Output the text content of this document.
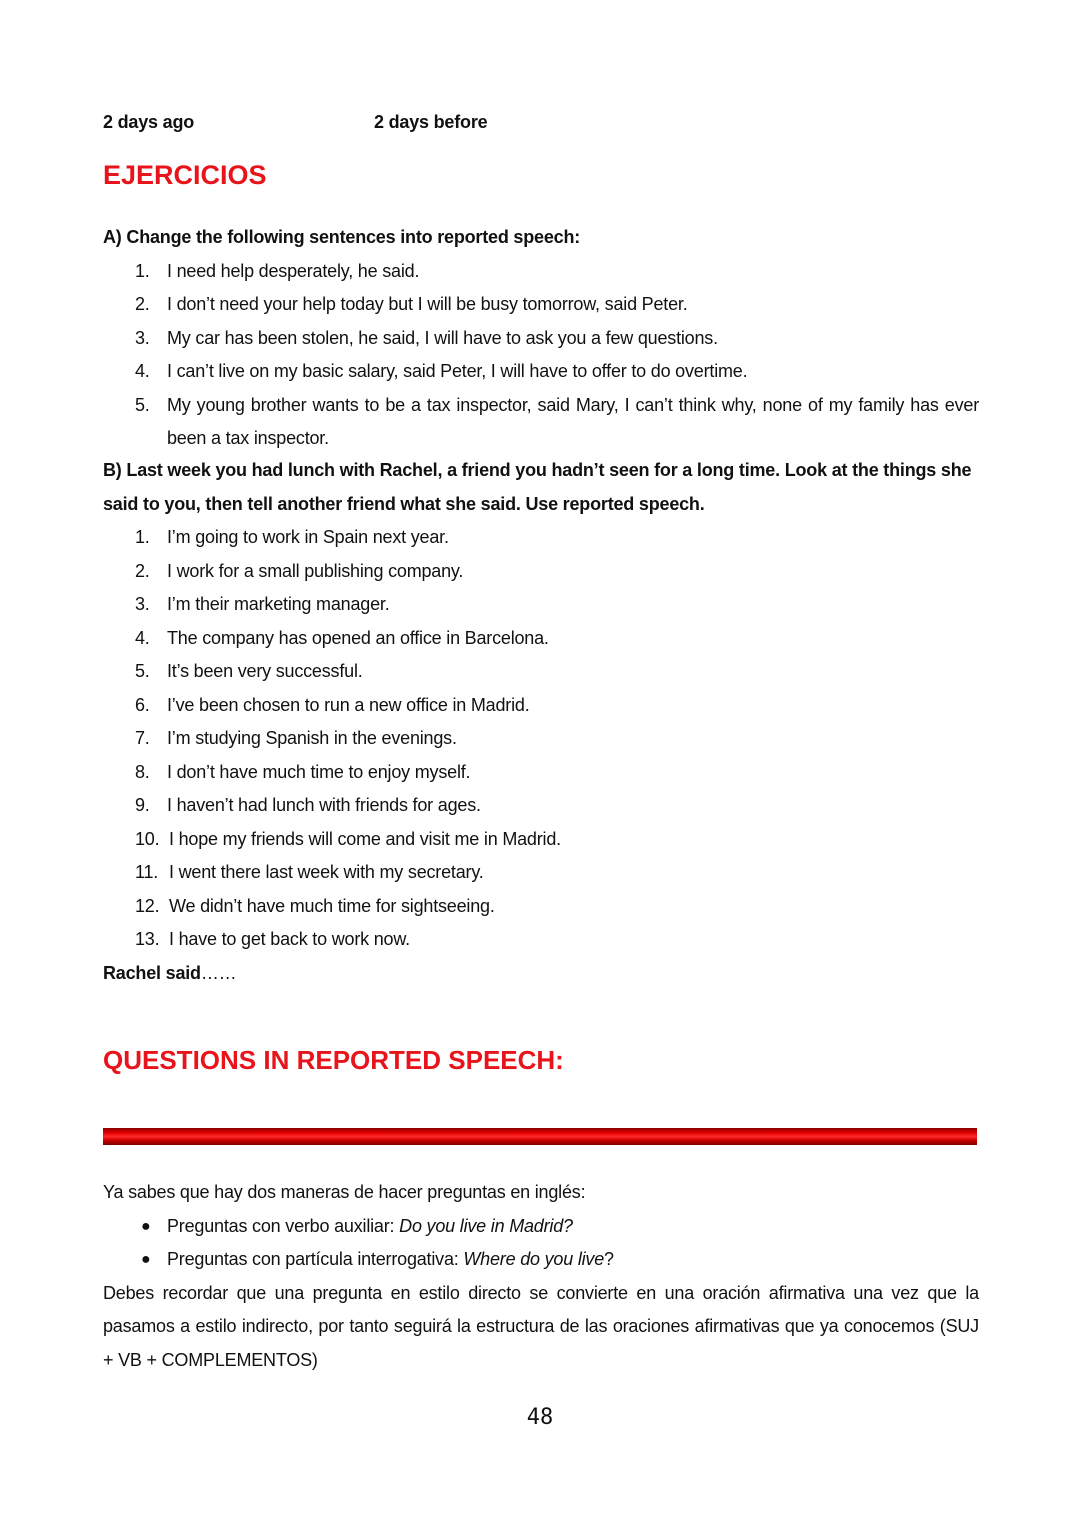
2 days ago	2 days before
EJERCICIOS
A) Change the following sentences into reported speech:
1. I need help desperately, he said.
2. I don’t need your help today but I will be busy tomorrow, said Peter.
3. My car has been stolen, he said, I will have to ask you a few questions.
4. I can’t live on my basic salary, said Peter, I will have to offer to do overtime.
5. My young brother wants to be a tax inspector, said Mary, I can’t think why, none of my family has ever been a tax inspector.
B) Last week you had lunch with Rachel, a friend you hadn’t seen for a long time. Look at the things she said to you, then tell another friend what she said. Use reported speech.
1. I’m going to work in Spain next year.
2. I work for a small publishing company.
3. I’m their marketing manager.
4. The company has opened an office in Barcelona.
5. It’s been very successful.
6. I’ve been chosen to run a new office in Madrid.
7. I’m studying Spanish in the evenings.
8. I don’t have much time to enjoy myself.
9. I haven’t had lunch with friends for ages.
10. I hope my friends will come and visit me in Madrid.
11. I went there last week with my secretary.
12. We didn’t have much time for sightseeing.
13. I have to get back to work now.
Rachel said……
QUESTIONS IN REPORTED SPEECH:
Ya sabes que hay dos maneras de hacer preguntas en inglés:
● Preguntas con verbo auxiliar: Do you live in Madrid?
● Preguntas con partícula interrogativa: Where do you live?
Debes recordar que una pregunta en estilo directo se convierte en una oración afirmativa una vez que la pasamos a estilo indirecto, por tanto seguirá la estructura de las oraciones afirmativas que ya conocemos (SUJ + VB + COMPLEMENTOS)
48
